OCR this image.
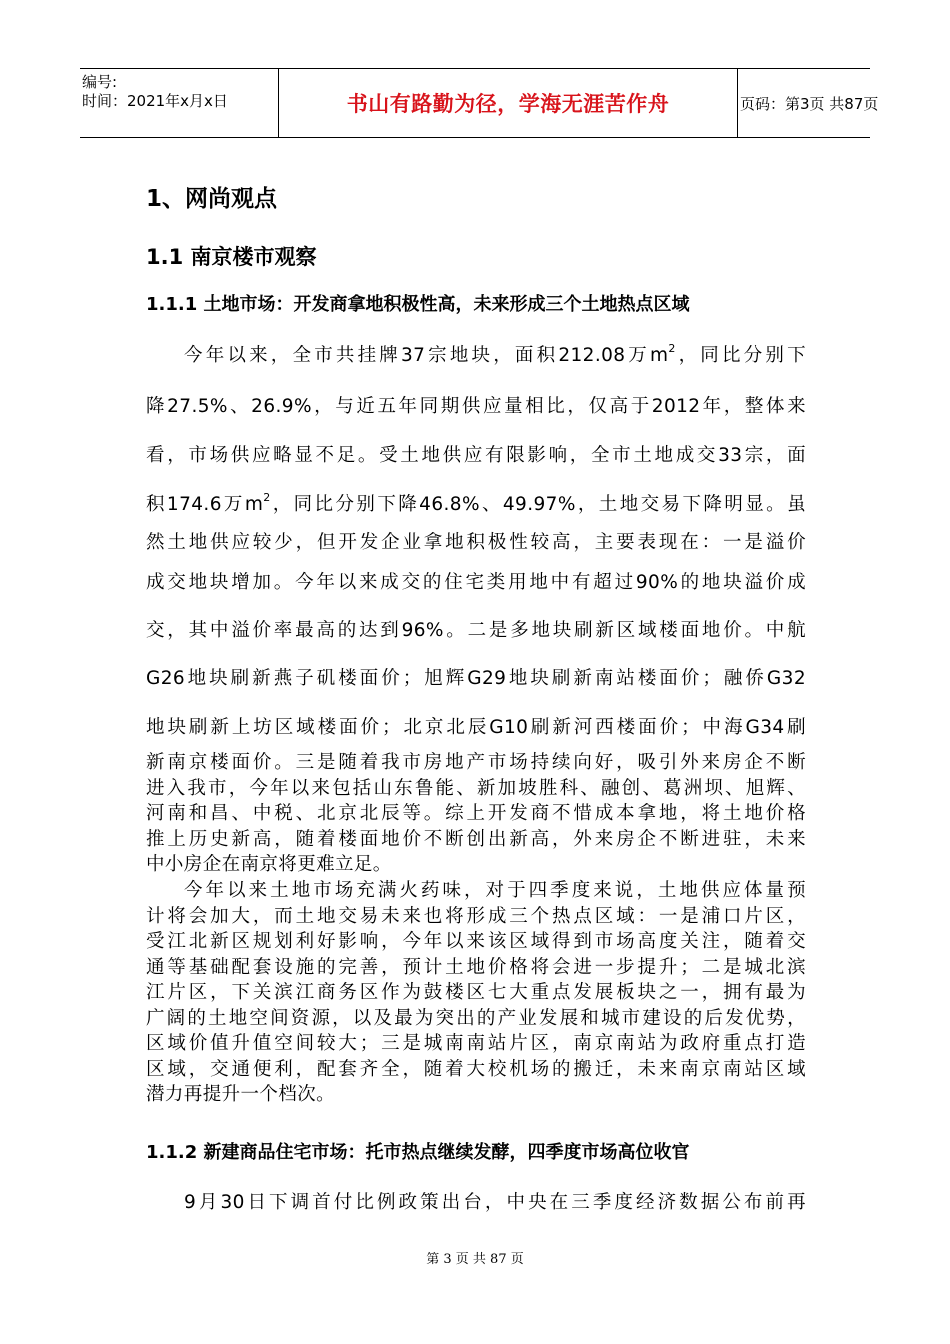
编号:
时间：2021年x月x日	书山有路勤为径，学海无涯苦作舟	页码：第3页 共87页
1、网尚观点
1.1 南京楼市观察
1.1.1 土地市场：开发商拿地积极性高，未来形成三个土地热点区域
今年以来，全市共挂牌37宗地块，面积212.08万$m^2$，同比分别下
降27.5%、26.9%，与近五年同期供应量相比，仅高于2012年，整体来
看，市场供应略显不足。受土地供应有限影响，全市土地成交33宗，面
积174.6万$m^2$，同比分别下降46.8%、49.97%，土地交易下降明显。虽
然土地供应较少，但开发企业拿地积极性较高，主要表现在：一是溢价
成交地块增加。今年以来成交的住宅类用地中有超过90%的地块溢价成
交，其中溢价率最高的达到96%。二是多地块刷新区域楼面地价。中航
G26地块刷新燕子矶楼面价；旭辉G29地块刷新南站楼面价；融侨G32
地块刷新上坊区域楼面价；北京北辰G10刷新河西楼面价；中海G34刷
新南京楼面价。三是随着我市房地产市场持续向好，吸引外来房企不断
进入我市，今年以来包括山东鲁能、新加坡胜科、融创、葛洲坝、旭辉、
河南和昌、中税、北京北辰等。综上开发商不惜成本拿地，将土地价格
推上历史新高，随着楼面地价不断创出新高，外来房企不断进驻，未来
中小房企在南京将更难立足。
今年以来土地市场充满火药味，对于四季度来说，土地供应体量预
计将会加大，而土地交易未来也将形成三个热点区域：一是浦口片区，
受江北新区规划利好影响，今年以来该区域得到市场高度关注，随着交
通等基础配套设施的完善，预计土地价格将会进一步提升；二是城北滨
江片区，下关滨江商务区作为鼓楼区七大重点发展板块之一，拥有最为
广阔的土地空间资源，以及最为突出的产业发展和城市建设的后发优势，
区域价值升值空间较大；三是城南南站片区，南京南站为政府重点打造
区域，交通便利，配套齐全，随着大校机场的搬迁，未来南京南站区域
潜力再提升一个档次。
1.1.2 新建商品住宅市场：托市热点继续发酵，四季度市场高位收官
9月30日下调首付比例政策出台，中央在三季度经济数据公布前再
第 3 页 共 87 页
